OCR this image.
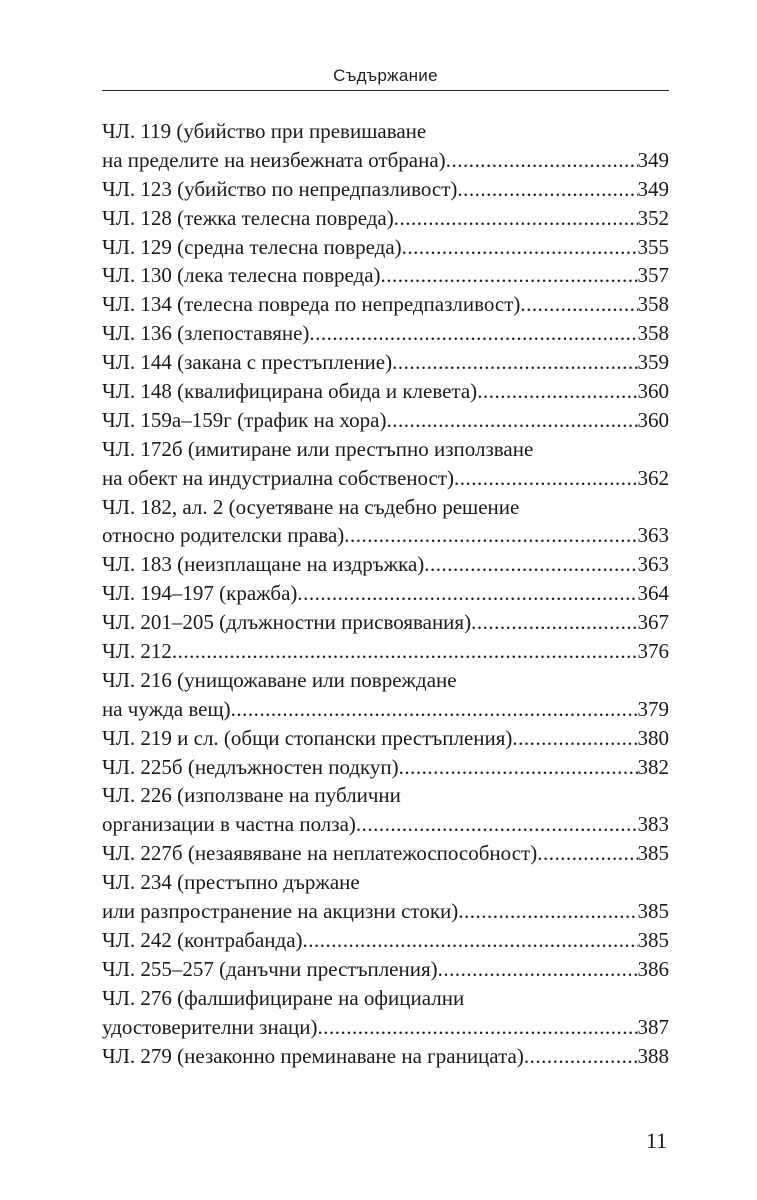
Съдържание
ЧЛ. 119 (убийство при превишаване
на пределите на неизбежната отбрана) .....	349
ЧЛ. 123 (убийство по непредпазливост) .....	349
ЧЛ. 128 (тежка телесна повреда) .....	352
ЧЛ. 129 (средна телесна повреда) .....	355
ЧЛ. 130 (лека телесна повреда) .....	357
ЧЛ. 134 (телесна повреда по непредпазливост) .....	358
ЧЛ. 136 (злепоставяне) .....	358
ЧЛ. 144 (закана с престъпление) .....	359
ЧЛ. 148 (квалифицирана обида и клевета) .....	360
ЧЛ. 159а–159г (трафик на хора) .....	360
ЧЛ. 172б (имитиране или престъпно използване
на обект на индустриална собственост) .....	362
ЧЛ. 182, ал. 2 (осуетяване на съдебно решение
относно родителски права) .....	363
ЧЛ. 183 (неизплащане на издръжка) .....	363
ЧЛ. 194–197 (кражба) .....	364
ЧЛ. 201–205 (длъжностни присвоявания) .....	367
ЧЛ. 212 .....	376
ЧЛ. 216 (унищожаване или повреждане
на чужда вещ) .....	379
ЧЛ. 219 и сл. (общи стопански престъпления) .....	380
ЧЛ. 225б (недлъжностен подкуп) .....	382
ЧЛ. 226 (използване на публични
организации в частна полза) .....	383
ЧЛ. 227б (незаявяване на неплатежоспособност) .....	385
ЧЛ. 234 (престъпно държане
или разпространение на акцизни стоки) .....	385
ЧЛ. 242 (контрабанда) .....	385
ЧЛ. 255–257 (данъчни престъпления) .....	386
ЧЛ. 276 (фалшифициране на официални
удостоверителни знаци) .....	387
ЧЛ. 279 (незаконно преминаване на границата) .....	388
11
